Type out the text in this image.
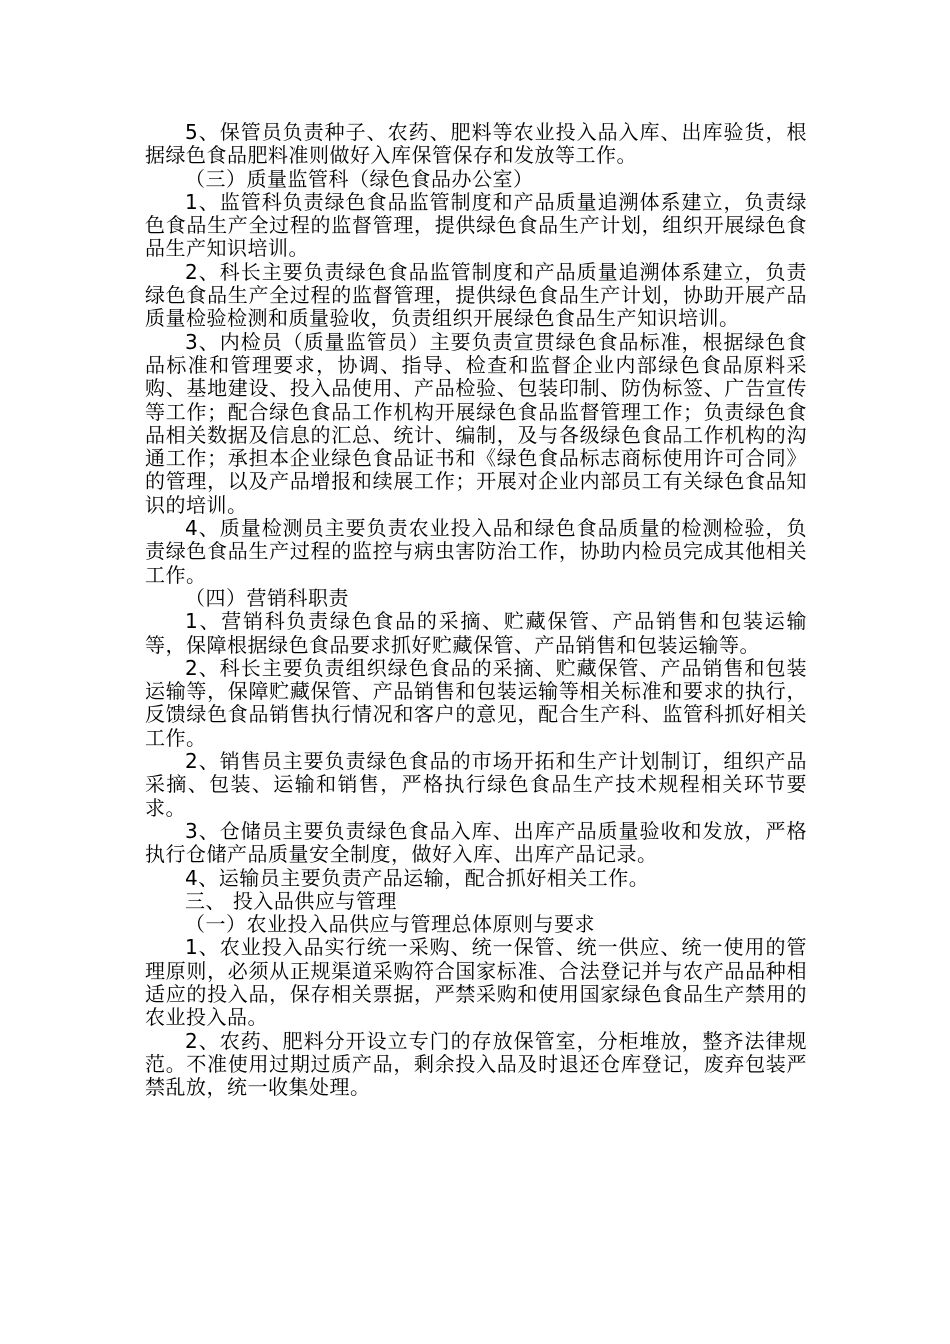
5、保管员负责种子、农药、肥料等农业投入品入库、出库验货，根据绿色食品肥料准则做好入库保管保存和发放等工作。

（三）质量监管科（绿色食品办公室）

1、监管科负责绿色食品监管制度和产品质量追溯体系建立，负责绿色食品生产全过程的监督管理，提供绿色食品生产计划，组织开展绿色食品生产知识培训。

2、科长主要负责绿色食品监管制度和产品质量追溯体系建立，负责绿色食品生产全过程的监督管理，提供绿色食品生产计划，协助开展产品质量检验检测和质量验收，负责组织开展绿色食品生产知识培训。

3、内检员（质量监管员）主要负责宣贯绿色食品标准，根据绿色食品标准和管理要求，协调、指导、检查和监督企业内部绿色食品原料采购、基地建设、投入品使用、产品检验、包装印制、防伪标签、广告宣传等工作；配合绿色食品工作机构开展绿色食品监督管理工作；负责绿色食品相关数据及信息的汇总、统计、编制，及与各级绿色食品工作机构的沟通工作；承担本企业绿色食品证书和《绿色食品标志商标使用许可合同》的管理，以及产品增报和续展工作；开展对企业内部员工有关绿色食品知识的培训。

4、质量检测员主要负责农业投入品和绿色食品质量的检测检验，负责绿色食品生产过程的监控与病虫害防治工作，协助内检员完成其他相关工作。

（四）营销科职责

1、营销科负责绿色食品的采摘、贮藏保管、产品销售和包装运输等，保障根据绿色食品要求抓好贮藏保管、产品销售和包装运输等。

2、科长主要负责组织绿色食品的采摘、贮藏保管、产品销售和包装运输等，保障贮藏保管、产品销售和包装运输等相关标准和要求的执行，反馈绿色食品销售执行情况和客户的意见，配合生产科、监管科抓好相关工作。

2、销售员主要负责绿色食品的市场开拓和生产计划制订，组织产品采摘、包装、运输和销售，严格执行绿色食品生产技术规程相关环节要求。

3、仓储员主要负责绿色食品入库、出库产品质量验收和发放，严格执行仓储产品质量安全制度，做好入库、出库产品记录。

4、运输员主要负责产品运输，配合抓好相关工作。

三、 投入品供应与管理

（一）农业投入品供应与管理总体原则与要求

1、农业投入品实行统一采购、统一保管、统一供应、统一使用的管理原则，必须从正规渠道采购符合国家标准、合法登记并与农产品品种相适应的投入品，保存相关票据，严禁采购和使用国家绿色食品生产禁用的农业投入品。

2、农药、肥料分开设立专门的存放保管室，分柜堆放，整齐法律规范。不准使用过期过质产品，剩余投入品及时退还仓库登记，废弃包装严禁乱放，统一收集处理。
